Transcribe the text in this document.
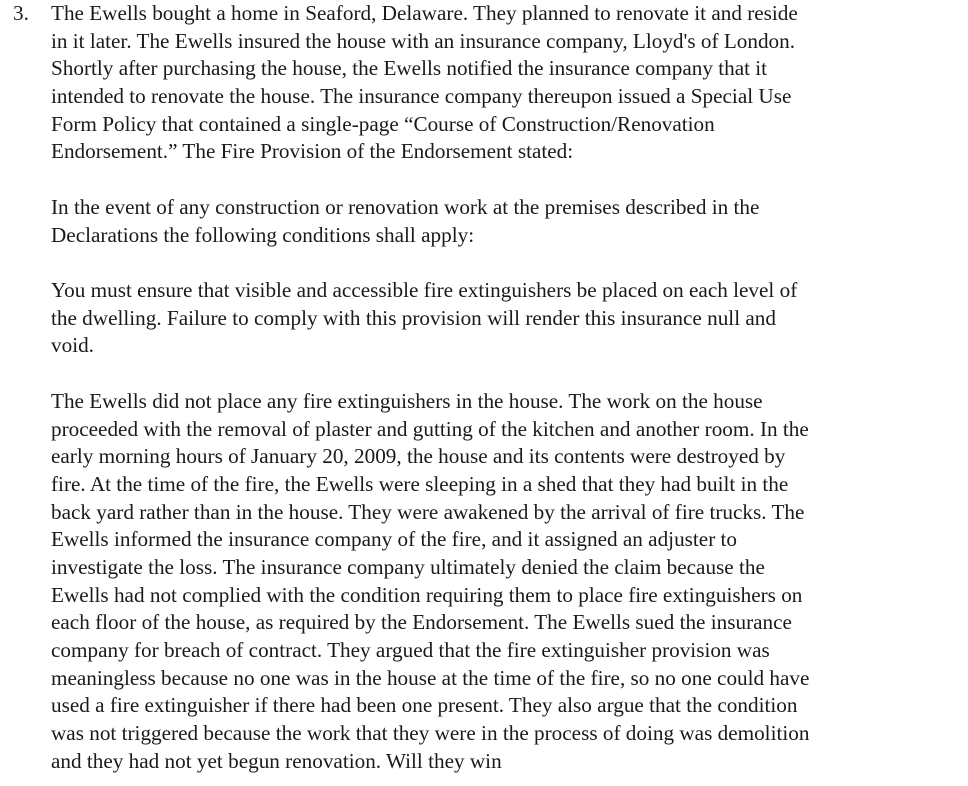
3. The Ewells bought a home in Seaford, Delaware. They planned to renovate it and reside
in it later. The Ewells insured the house with an insurance company, Lloyd's of London.
Shortly after purchasing the house, the Ewells notified the insurance company that it
intended to renovate the house. The insurance company thereupon issued a Special Use
Form Policy that contained a single-page “Course of Construction/Renovation
Endorsement.” The Fire Provision of the Endorsement stated:
In the event of any construction or renovation work at the premises described in the
Declarations the following conditions shall apply:
You must ensure that visible and accessible fire extinguishers be placed on each level of
the dwelling. Failure to comply with this provision will render this insurance null and
void.
The Ewells did not place any fire extinguishers in the house. The work on the house
proceeded with the removal of plaster and gutting of the kitchen and another room. In the
early morning hours of January 20, 2009, the house and its contents were destroyed by
fire. At the time of the fire, the Ewells were sleeping in a shed that they had built in the
back yard rather than in the house. They were awakened by the arrival of fire trucks. The
Ewells informed the insurance company of the fire, and it assigned an adjuster to
investigate the loss. The insurance company ultimately denied the claim because the
Ewells had not complied with the condition requiring them to place fire extinguishers on
each floor of the house, as required by the Endorsement. The Ewells sued the insurance
company for breach of contract. They argued that the fire extinguisher provision was
meaningless because no one was in the house at the time of the fire, so no one could have
used a fire extinguisher if there had been one present. They also argue that the condition
was not triggered because the work that they were in the process of doing was demolition
and they had not yet begun renovation. Will they win
